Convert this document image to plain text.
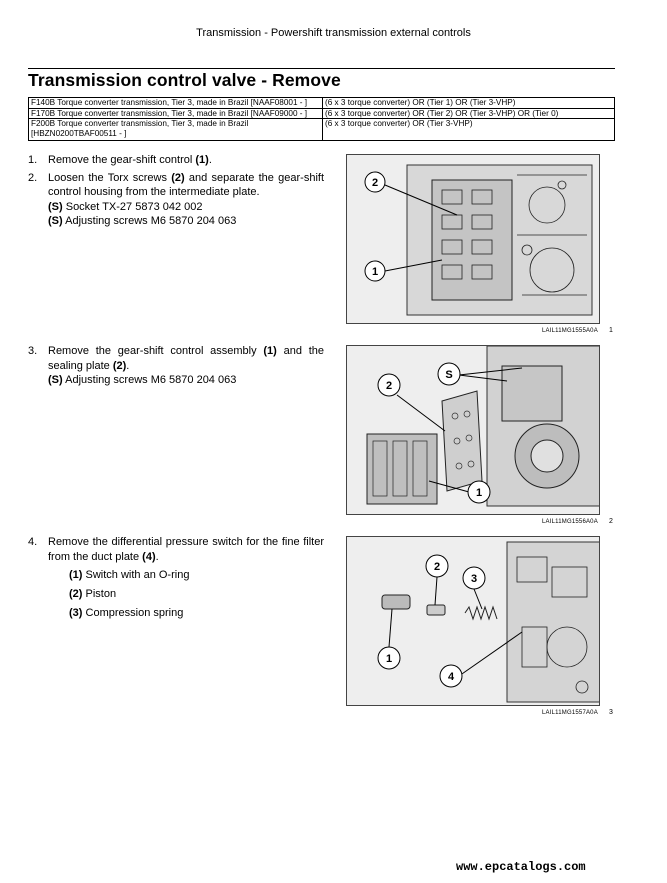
Transmission - Powershift transmission external controls
Transmission control valve - Remove
F140B Torque converter transmission, Tier 3, made in Brazil [NAAF08001 - ]	(6 x 3 torque converter) OR (Tier 1) OR (Tier 3-VHP)
F170B Torque converter transmission, Tier 3, made in Brazil [NAAF09000 - ]	(6 x 3 torque converter) OR (Tier 2) OR (Tier 3-VHP) OR (Tier 0)
F200B Torque converter transmission, Tier 3, made in Brazil [HBZN0200TBAF00511 - ]	(6 x 3 torque converter) OR (Tier 3-VHP)
1. Remove the gear-shift control (1).
2. Loosen the Torx screws (2) and separate the gear-shift control housing from the intermediate plate.
(S) Socket TX-27 5873 042 002
(S) Adjusting screws M6 5870 204 063
3. Remove the gear-shift control assembly (1) and the sealing plate (2).
(S) Adjusting screws M6 5870 204 063
4. Remove the differential pressure switch for the fine filter from the duct plate (4).
(1) Switch with an O-ring
(2) Piston
(3) Compression spring
2
1
LAIL11MG1555A0A 1
2
S
1
LAIL11MG1556A0A 2
2
3
1
4
LAIL11MG1557A0A 3
www.epcatalogs.com
